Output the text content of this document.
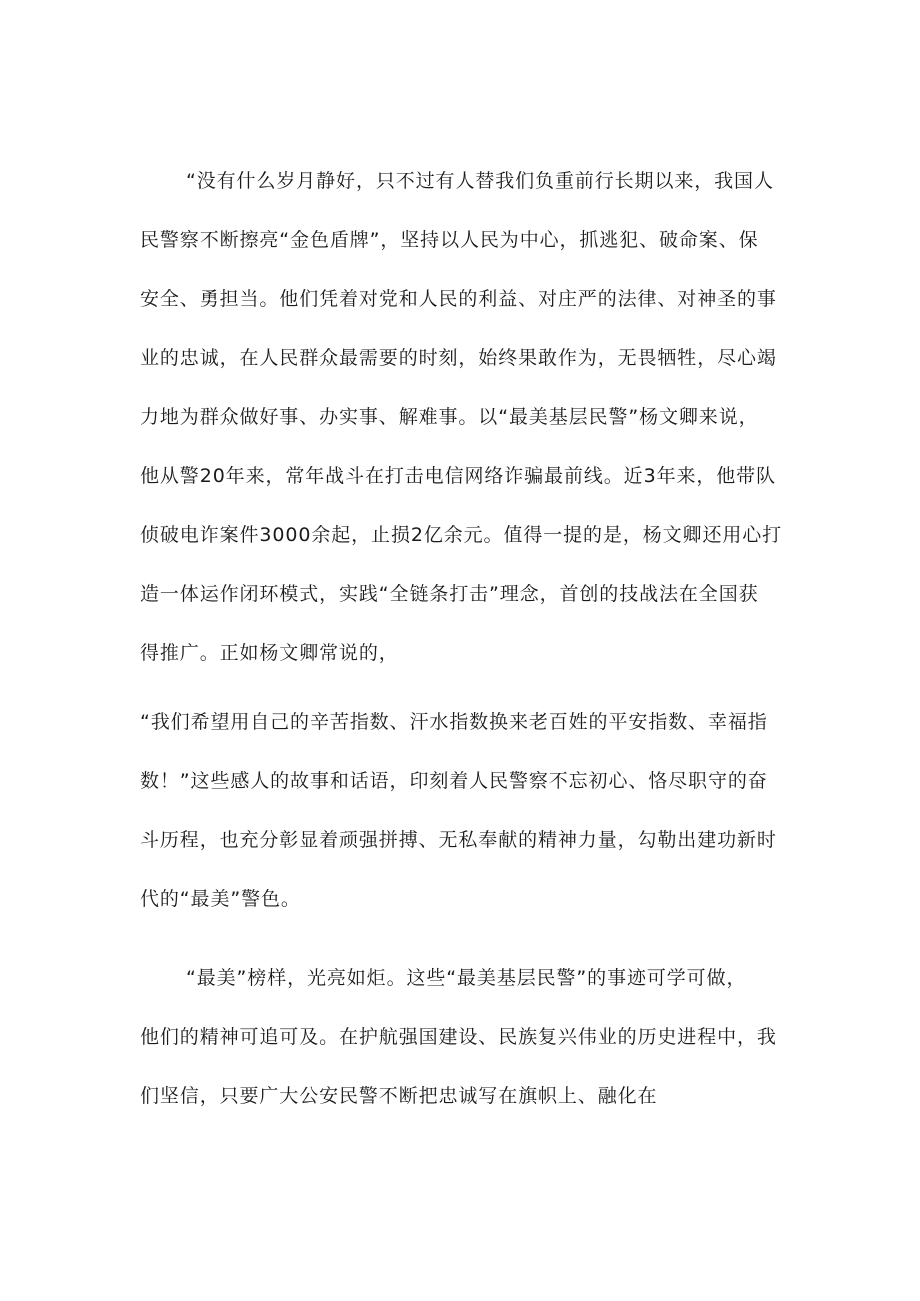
“没有什么岁月静好，只不过有人替我们负重前行长期以来，我国人
民警察不断擦亮“金色盾牌”，坚持以人民为中心，抓逃犯、破命案、保
安全、勇担当。他们凭着对党和人民的利益、对庄严的法律、对神圣的事
业的忠诚，在人民群众最需要的时刻，始终果敢作为，无畏牺牲，尽心竭
力地为群众做好事、办实事、解难事。以“最美基层民警”杨文卿来说，
他从警20年来，常年战斗在打击电信网络诈骗最前线。近3年来，他带队
侦破电诈案件3000余起，止损2亿余元。值得一提的是，杨文卿还用心打
造一体运作闭环模式，实践“全链条打击”理念，首创的技战法在全国获
得推广。正如杨文卿常说的，
“我们希望用自己的辛苦指数、汗水指数换来老百姓的平安指数、幸福指
数！”这些感人的故事和话语，印刻着人民警察不忘初心、恪尽职守的奋
斗历程，也充分彰显着顽强拼搏、无私奉献的精神力量，勾勒出建功新时
代的“最美”警色。
“最美”榜样，光亮如炬。这些“最美基层民警”的事迹可学可做，
他们的精神可追可及。在护航强国建设、民族复兴伟业的历史进程中，我
们坚信，只要广大公安民警不断把忠诚写在旗帜上、融化在
